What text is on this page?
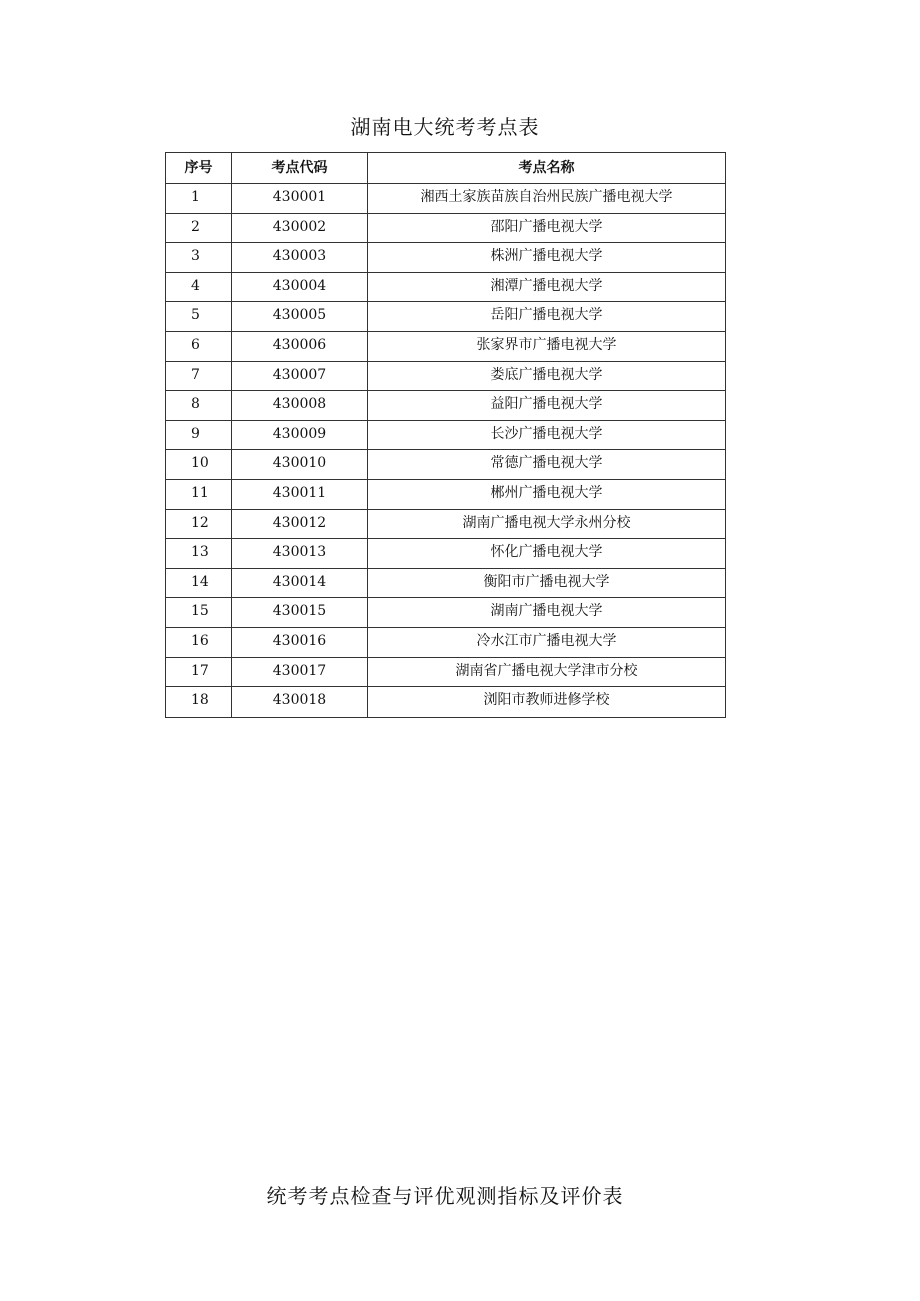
湖南电大统考考点表
序号	考点代码	考点名称
1	430001	湘西土家族苗族自治州民族广播电视大学
2	430002	邵阳广播电视大学
3	430003	株洲广播电视大学
4	430004	湘潭广播电视大学
5	430005	岳阳广播电视大学
6	430006	张家界市广播电视大学
7	430007	娄底广播电视大学
8	430008	益阳广播电视大学
9	430009	长沙广播电视大学
10	430010	常德广播电视大学
11	430011	郴州广播电视大学
12	430012	湖南广播电视大学永州分校
13	430013	怀化广播电视大学
14	430014	衡阳市广播电视大学
15	430015	湖南广播电视大学
16	430016	冷水江市广播电视大学
17	430017	湖南省广播电视大学津市分校
18	430018	浏阳市教师进修学校
统考考点检查与评优观测指标及评价表
